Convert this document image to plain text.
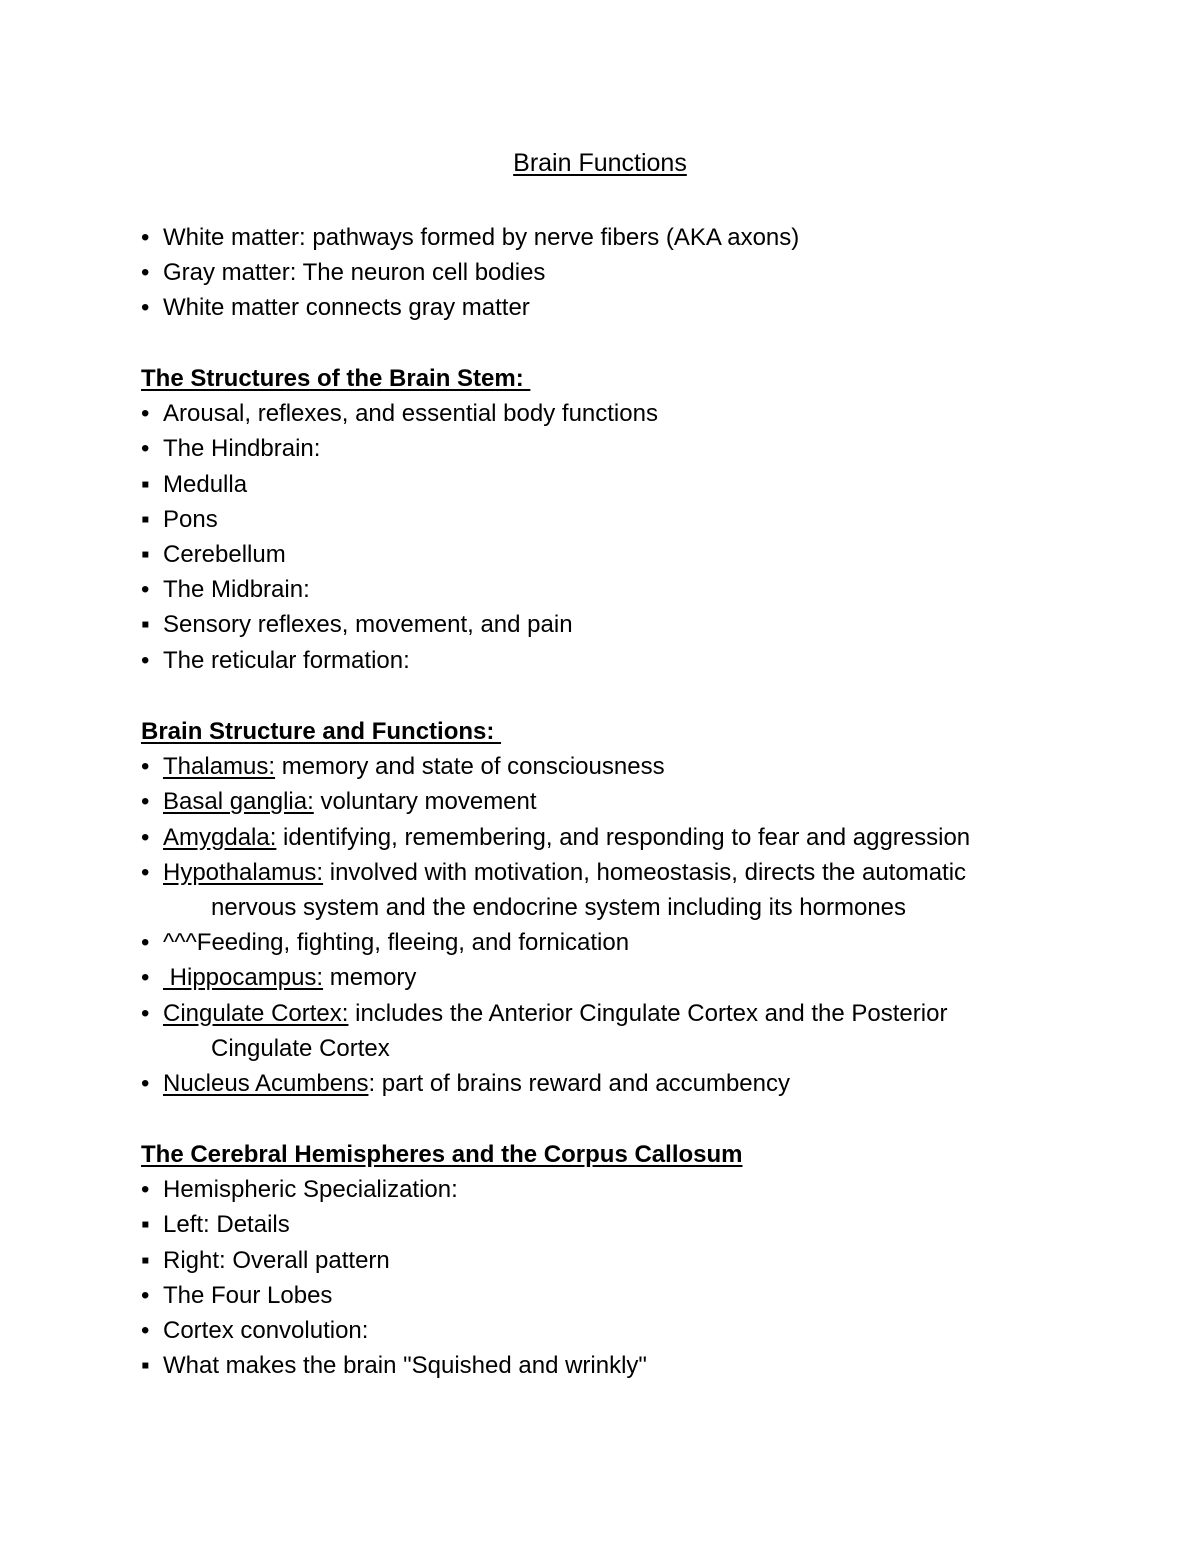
Brain Functions
• White matter: pathways formed by nerve fibers (AKA axons)
• Gray matter: The neuron cell bodies
• White matter connects gray matter
The Structures of the Brain Stem:
• Arousal, reflexes, and essential body functions
• The Hindbrain:
▪ Medulla
▪ Pons
▪ Cerebellum
• The Midbrain:
▪ Sensory reflexes, movement, and pain
• The reticular formation:
Brain Structure and Functions:
• Thalamus: memory and state of consciousness
• Basal ganglia: voluntary movement
• Amygdala: identifying, remembering, and responding to fear and aggression
• Hypothalamus: involved with motivation, homeostasis, directs the automatic
nervous system and the endocrine system including its hormones
• ^^^Feeding, fighting, fleeing, and fornication
• Hippocampus: memory
• Cingulate Cortex: includes the Anterior Cingulate Cortex and the Posterior
Cingulate Cortex
• Nucleus Acumbens: part of brains reward and accumbency
The Cerebral Hemispheres and the Corpus Callosum
• Hemispheric Specialization:
▪ Left: Details
▪ Right: Overall pattern
• The Four Lobes
• Cortex convolution:
▪ What makes the brain "Squished and wrinkly"
